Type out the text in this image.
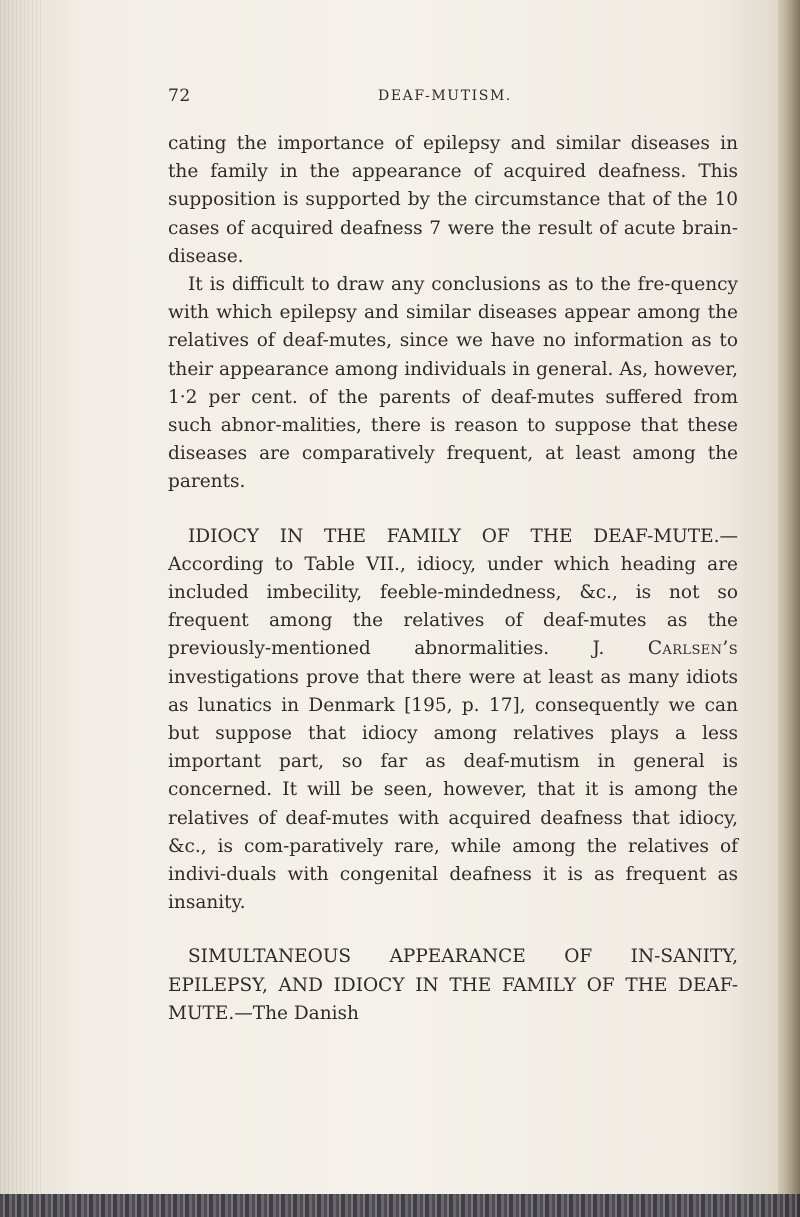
72	DEAF-MUTISM.

cating the importance of epilepsy and similar diseases in the family in the appearance of acquired deafness. This supposition is supported by the circumstance that of the 10 cases of acquired deafness 7 were the result of acute brain-disease.

It is difficult to draw any conclusions as to the fre-quency with which epilepsy and similar diseases appear among the relatives of deaf-mutes, since we have no information as to their appearance among individuals in general. As, however, 1·2 per cent. of the parents of deaf-mutes suffered from such abnor-malities, there is reason to suppose that these diseases are comparatively frequent, at least among the parents.

IDIOCY IN THE FAMILY OF THE DEAF-MUTE.—According to Table VII., idiocy, under which heading are included imbecility, feeble-mindedness, &c., is not so frequent among the relatives of deaf-mutes as the previously-mentioned abnormalities. J. Carlsen’s investigations prove that there were at least as many idiots as lunatics in Denmark [195, p. 17], consequently we can but suppose that idiocy among relatives plays a less important part, so far as deaf-mutism in general is concerned. It will be seen, however, that it is among the relatives of deaf-mutes with acquired deafness that idiocy, &c., is com-paratively rare, while among the relatives of indivi-duals with congenital deafness it is as frequent as insanity.

SIMULTANEOUS APPEARANCE OF IN-SANITY, EPILEPSY, AND IDIOCY IN THE FAMILY OF THE DEAF-MUTE.—The Danish
